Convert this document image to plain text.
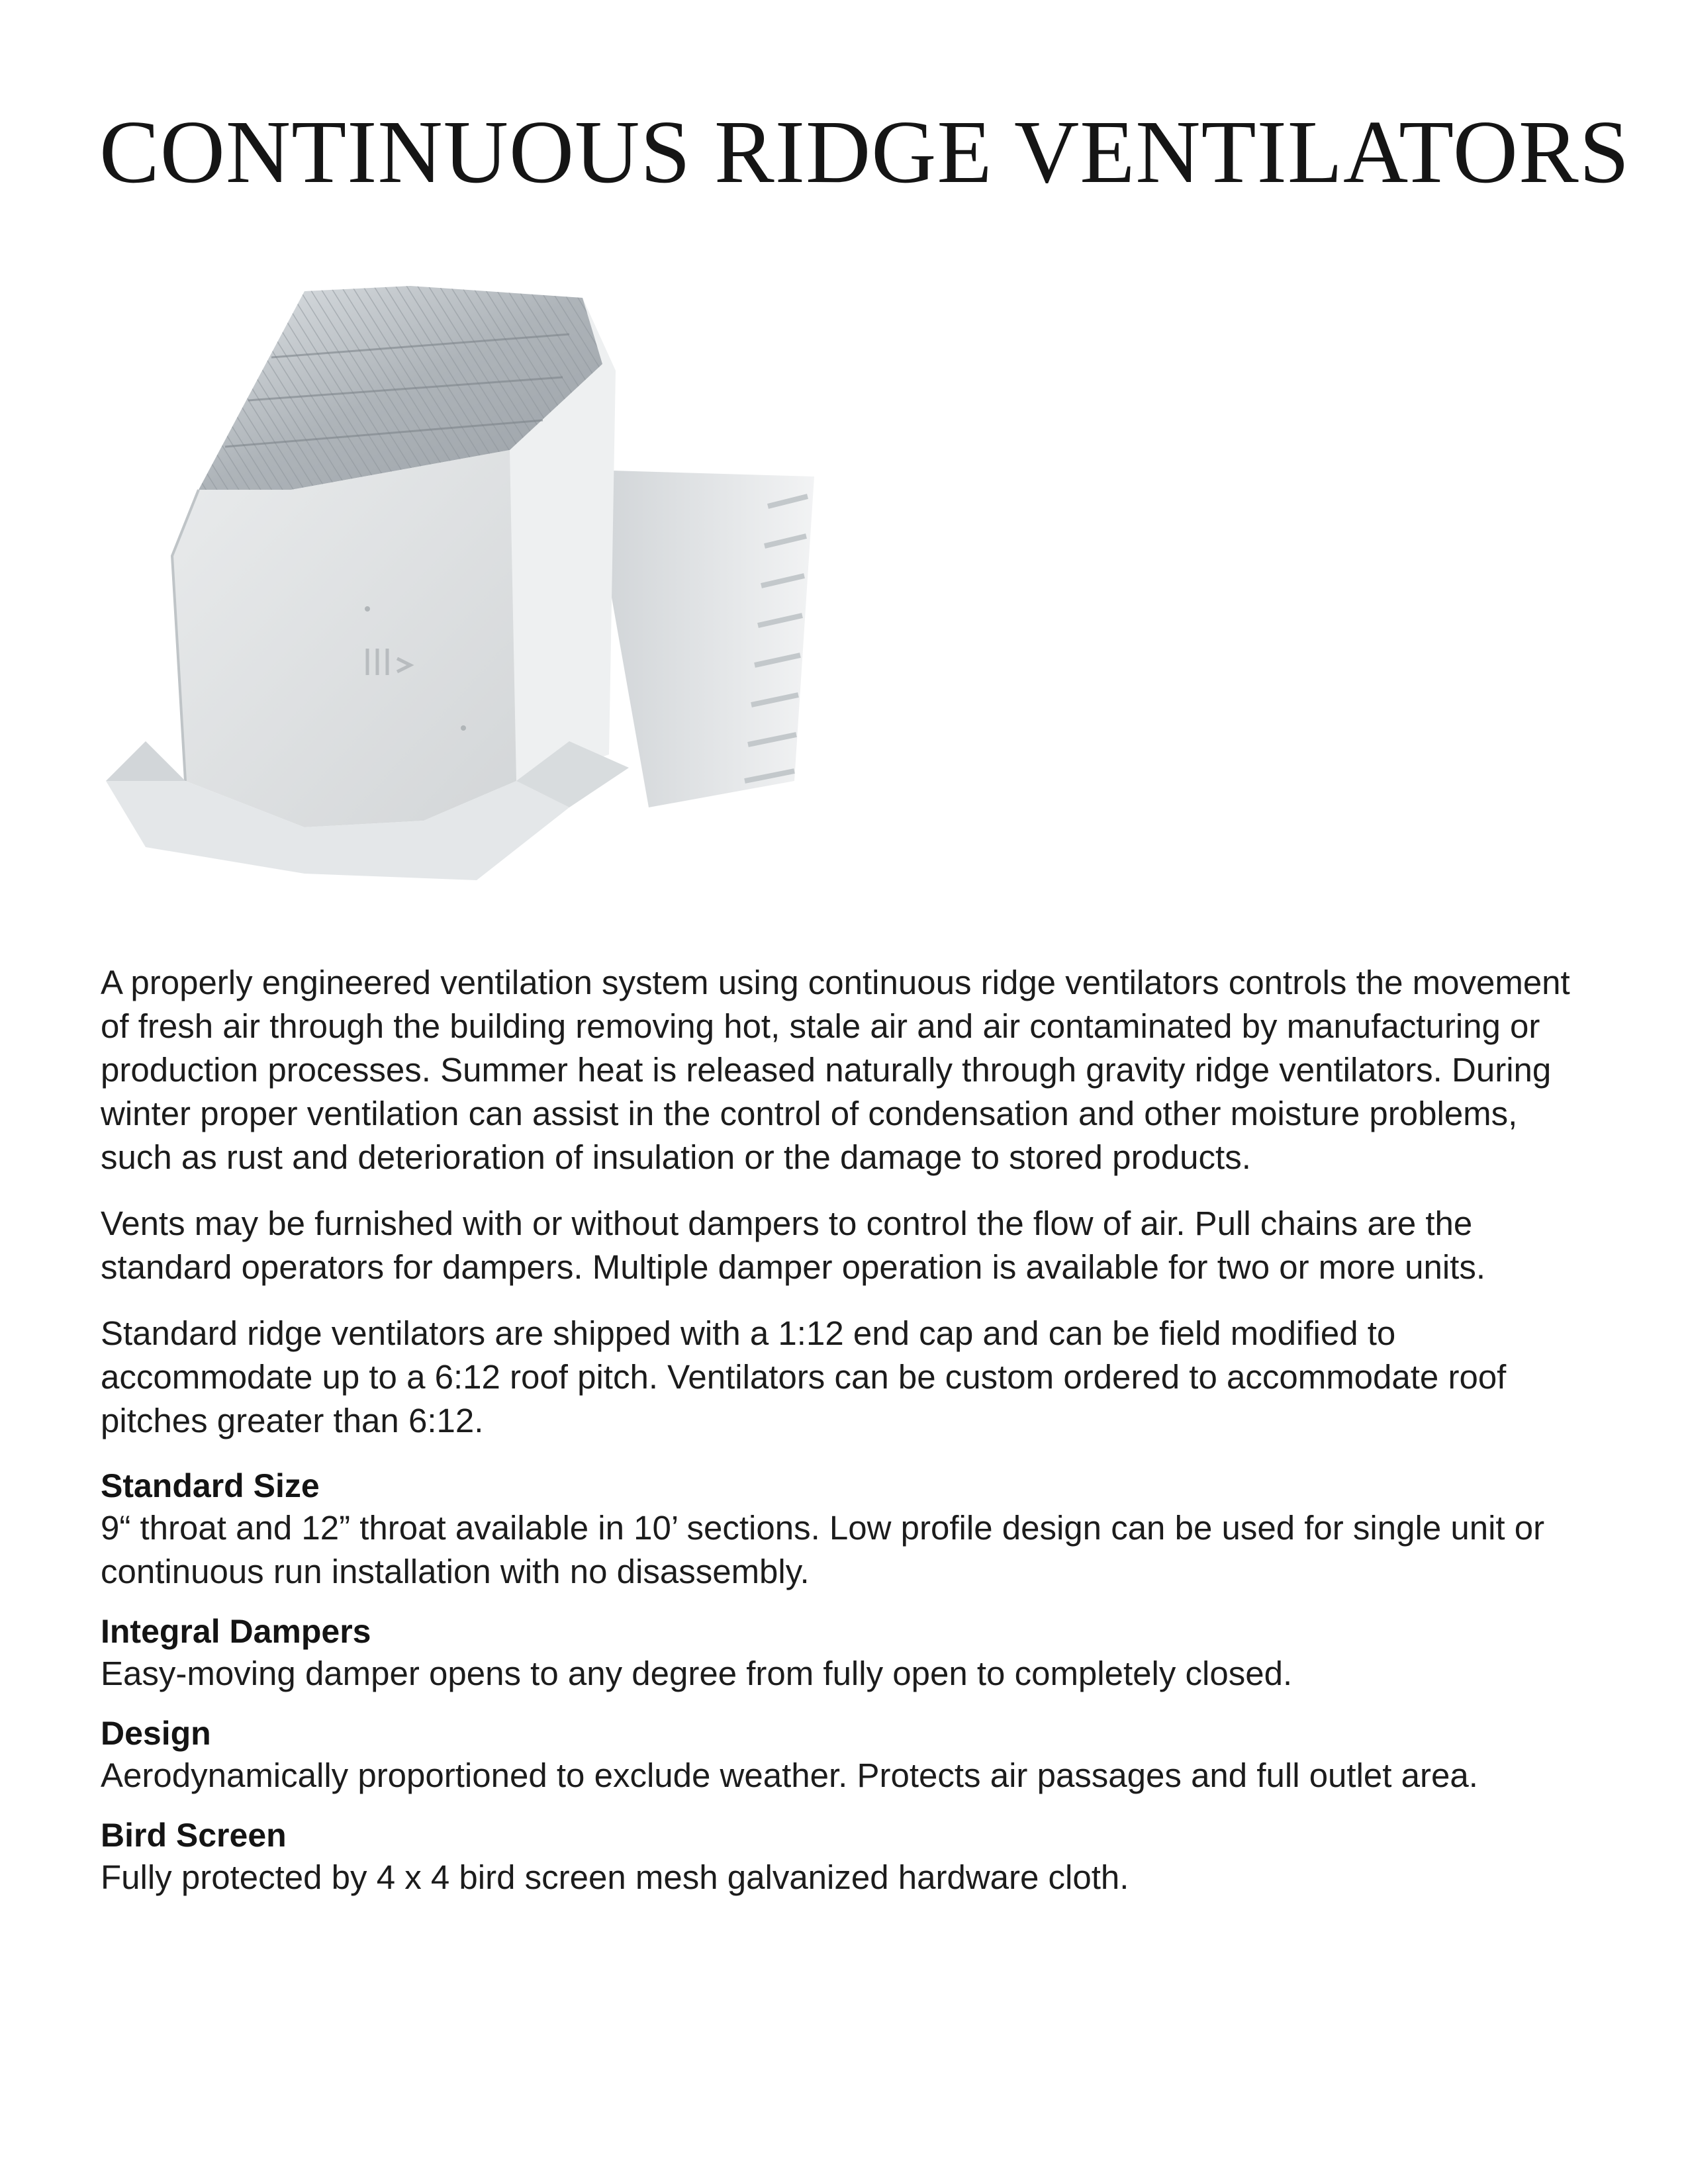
CONTINUOUS RIDGE VENTILATORS

A properly engineered ventilation system using continuous ridge ventilators controls the movement of fresh air through the building removing hot, stale air and air contaminated by manufacturing or production processes. Summer heat is released naturally through gravity ridge ventilators. During winter proper ventilation can assist in the control of condensation and other moisture problems, such as rust and deterioration of insulation or the damage to stored products.

Vents may be furnished with or without dampers to control the flow of air. Pull chains are the standard operators for dampers. Multiple damper operation is available for two or more units.

Standard ridge ventilators are shipped with a 1:12 end cap and can be field modified to accommodate up to a 6:12 roof pitch. Ventilators can be custom ordered to accommodate roof pitches greater than 6:12.

Standard Size
9“ throat and 12” throat available in 10’ sections. Low profile design can be used for single unit or continuous run installation with no disassembly.
Integral Dampers
Easy-moving damper opens to any degree from fully open to completely closed.
Design
Aerodynamically proportioned to exclude weather. Protects air passages and full outlet area.
Bird Screen
Fully protected by 4 x 4 bird screen mesh galvanized hardware cloth.
